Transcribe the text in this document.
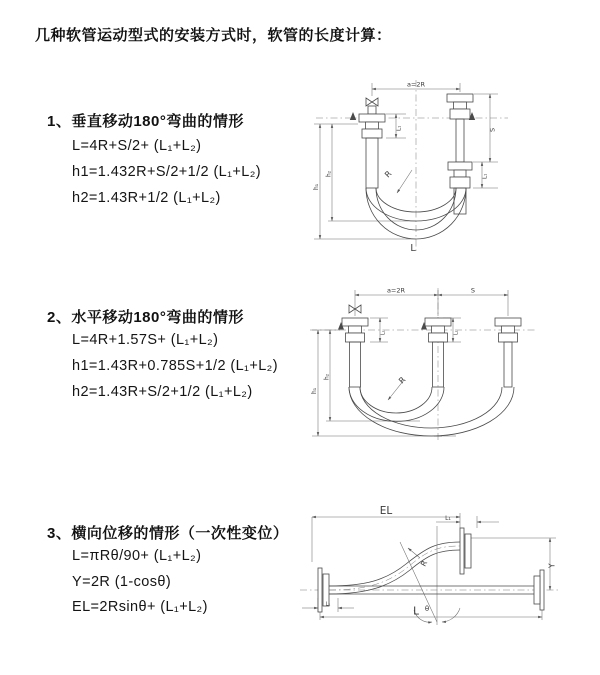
几种软管运动型式的安装方式时，软管的长度计算：
1、垂直移动180°弯曲的情形
L=4R+S/2+ (L₁+L₂)
h1=1.432R+S/2+1/2 (L₁+L₂)
h2=1.43R+1/2 (L₁+L₂)
2、水平移动180°弯曲的情形
L=4R+1.57S+ (L₁+L₂)
h1=1.43R+0.785S+1/2 (L₁+L₂)
h2=1.43R+S/2+1/2 (L₁+L₂)
3、横向位移的情形（一次性变位）
L=πRθ/90+ (L₁+L₂)
Y=2R (1-cosθ)
EL=2Rsinθ+ (L₁+L₂)
a=2R
h₁
h₂
L₁	S
L₁
R
L
a=2R	S
h₁
h₂
L₁	L₁
R
EL
L₁
Y
R
θ
L₁
L
